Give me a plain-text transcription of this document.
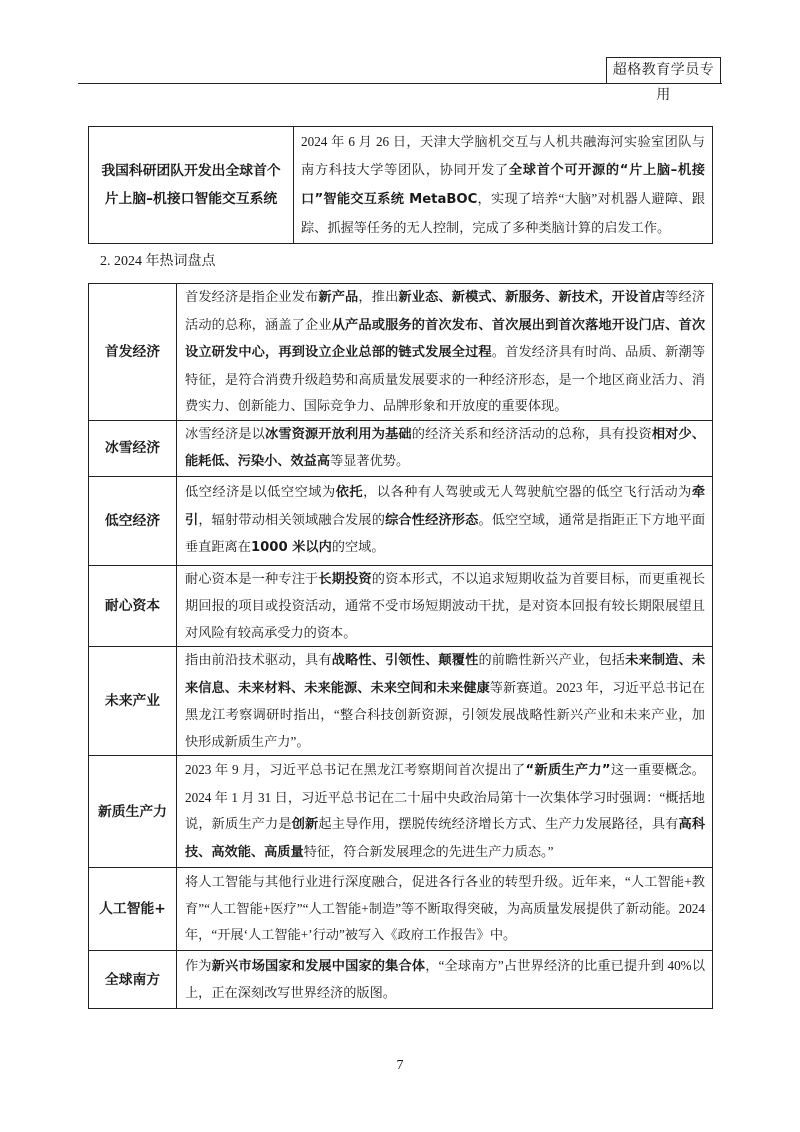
超格教育学员专用
我国科研团队开发出全球首个
片上脑–机接口智能交互系统
	2024 年 6 月 26 日，天津大学脑机交互与人机共融海河实验室团队与南方科技大学等团队，协同开发了全球首个可开源的“片上脑–机接口”智能交互系统 MetaBOC，实现了培养“大脑”对机器人避障、跟踪、抓握等任务的无人控制，完成了多种类脑计算的启发工作。
2. 2024 年热词盘点
首发经济	首发经济是指企业发布新产品，推出新业态、新模式、新服务、新技术，开设首店等经济活动的总称，涵盖了企业从产品或服务的首次发布、首次展出到首次落地开设门店、首次设立研发中心，再到设立企业总部的链式发展全过程。首发经济具有时尚、品质、新潮等特征，是符合消费升级趋势和高质量发展要求的一种经济形态，是一个地区商业活力、消费实力、创新能力、国际竞争力、品牌形象和开放度的重要体现。
冰雪经济	冰雪经济是以冰雪资源开放利用为基础的经济关系和经济活动的总称，具有投资相对少、能耗低、污染小、效益高等显著优势。
低空经济	低空经济是以低空空域为依托，以各种有人驾驶或无人驾驶航空器的低空飞行活动为牵引，辐射带动相关领域融合发展的综合性经济形态。低空空域，通常是指距正下方地平面垂直距离在1000 米以内的空域。
耐心资本	耐心资本是一种专注于长期投资的资本形式，不以追求短期收益为首要目标，而更重视长期回报的项目或投资活动，通常不受市场短期波动干扰，是对资本回报有较长期限展望且对风险有较高承受力的资本。
未来产业	指由前沿技术驱动，具有战略性、引领性、颠覆性的前瞻性新兴产业，包括未来制造、未来信息、未来材料、未来能源、未来空间和未来健康等新赛道。2023 年，习近平总书记在黑龙江考察调研时指出，“整合科技创新资源，引领发展战略性新兴产业和未来产业，加快形成新质生产力”。
新质生产力	2023 年 9 月，习近平总书记在黑龙江考察期间首次提出了“新质生产力”这一重要概念。2024 年 1 月 31 日，习近平总书记在二十届中央政治局第十一次集体学习时强调：“概括地说，新质生产力是创新起主导作用，摆脱传统经济增长方式、生产力发展路径，具有高科技、高效能、高质量特征，符合新发展理念的先进生产力质态。”
人工智能+	将人工智能与其他行业进行深度融合，促进各行各业的转型升级。近年来，“人工智能+教育”“人工智能+医疗”“人工智能+制造”等不断取得突破，为高质量发展提供了新动能。2024 年，“开展‘人工智能+’行动”被写入《政府工作报告》中。
全球南方	作为新兴市场国家和发展中国家的集合体，“全球南方”占世界经济的比重已提升到 40%以上，正在深刻改写世界经济的版图。
7
